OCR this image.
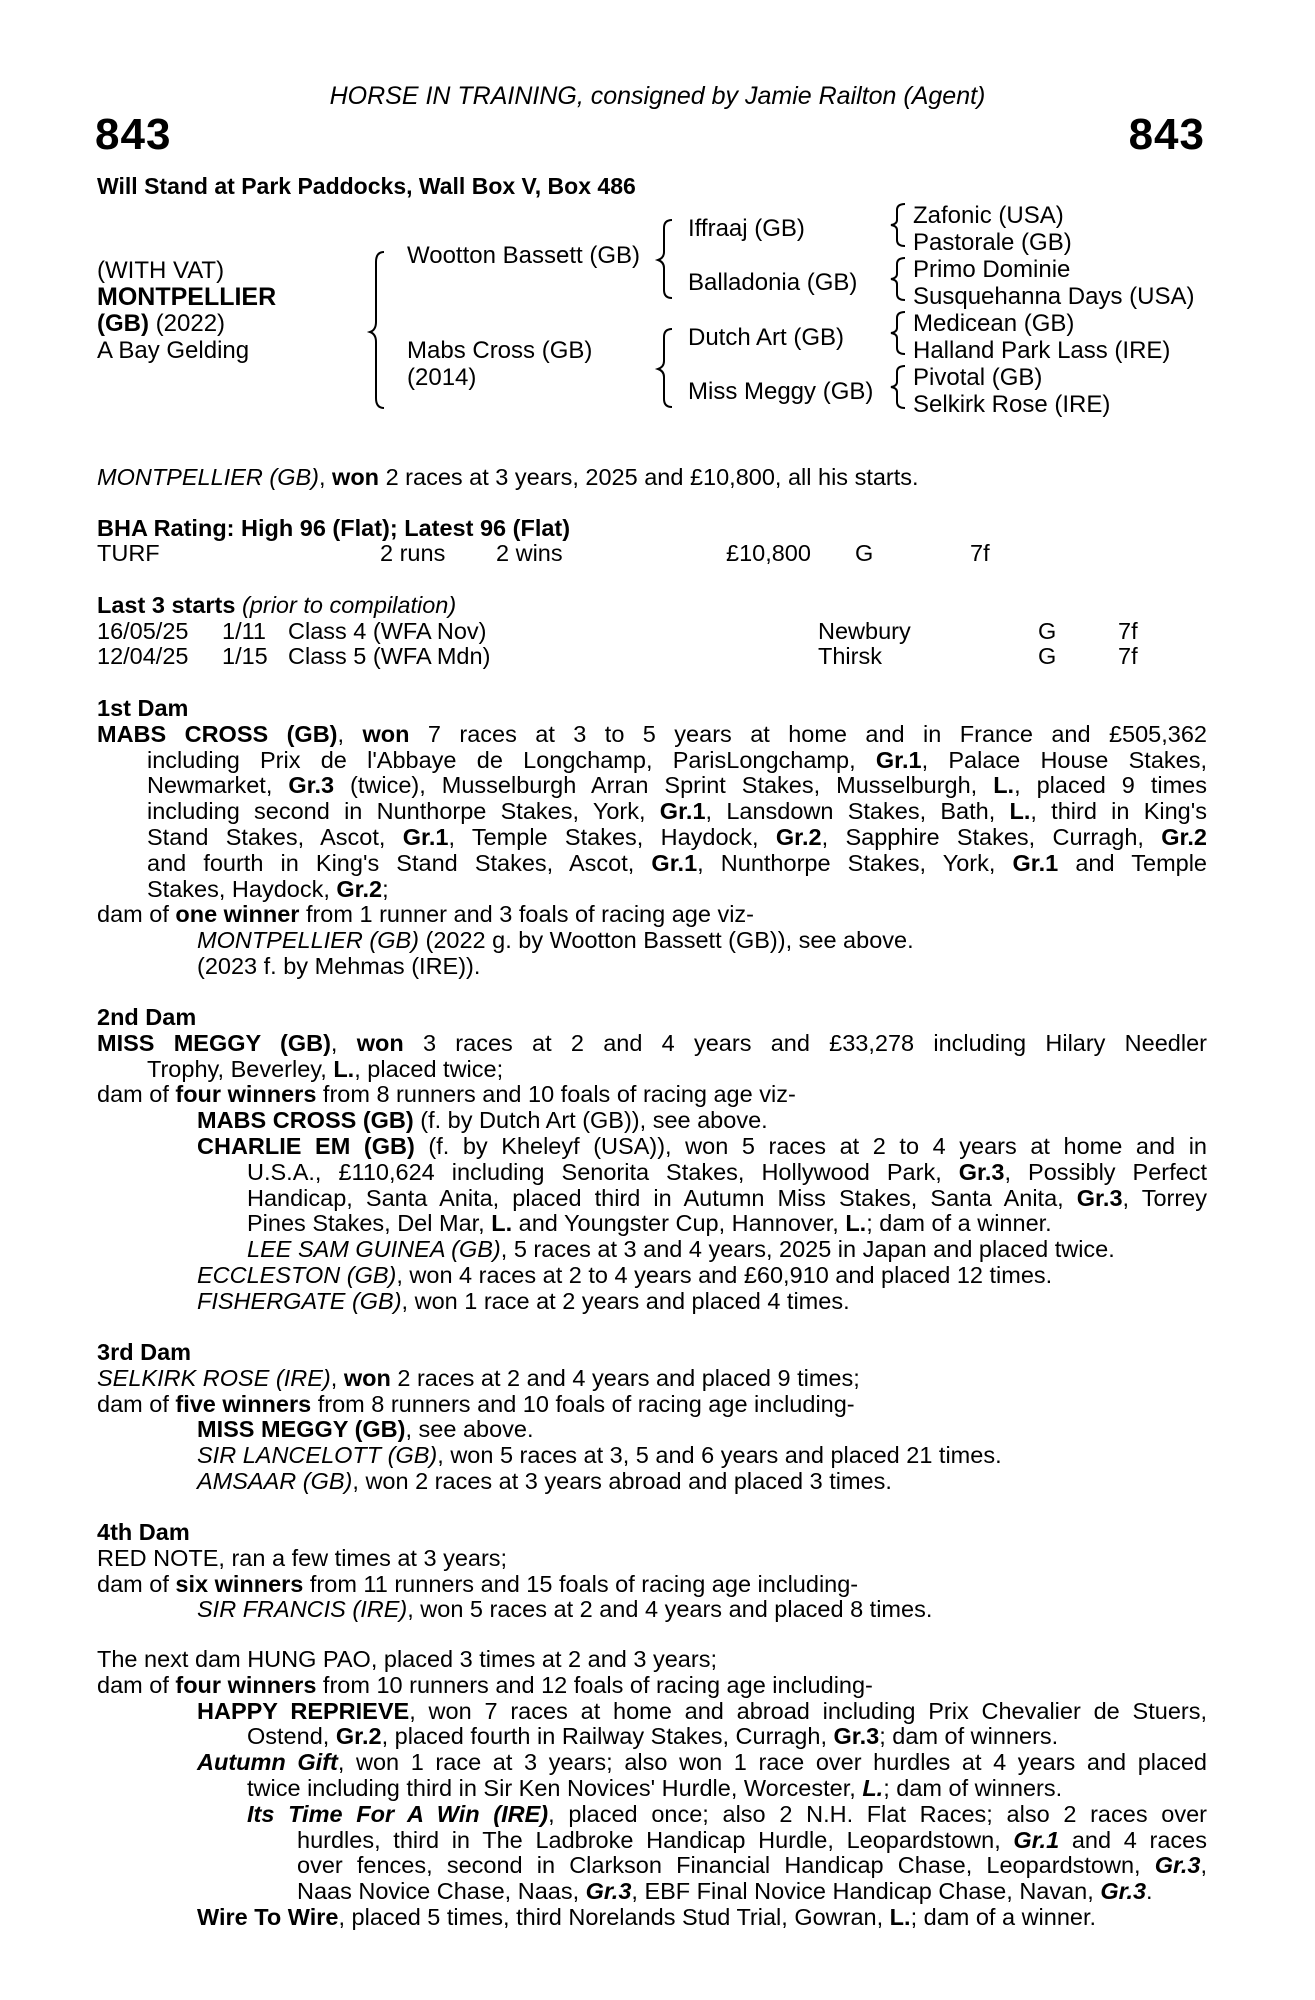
HORSE IN TRAINING, consigned by Jamie Railton (Agent)
843	843
Will Stand at Park Paddocks, Wall Box V, Box 486
(WITH VAT)
MONTPELLIER
(GB) (2022)
A Bay Gelding
Wootton Bassett (GB)
Mabs Cross (GB)
(2014)
Iffraaj (GB)
Balladonia (GB)
Dutch Art (GB)
Miss Meggy (GB)
Zafonic (USA)
Pastorale (GB)
Primo Dominie
Susquehanna Days (USA)
Medicean (GB)
Halland Park Lass (IRE)
Pivotal (GB)
Selkirk Rose (IRE)
MONTPELLIER (GB), won 2 races at 3 years, 2025 and £10,800, all his starts.
BHA Rating: High 96 (Flat); Latest 96 (Flat)
TURF	2 runs 2 wins	£10,800 G	7f
Last 3 starts (prior to compilation)
16/05/25 1/11 Class 4 (WFA Nov)	Newbury	G	7f
12/04/25 1/15 Class 5 (WFA Mdn)	Thirsk	G	7f
1st Dam
MABS CROSS (GB), won 7 races at 3 to 5 years at home and in France and £505,362
including Prix de l'Abbaye de Longchamp, ParisLongchamp, Gr.1, Palace House Stakes,
Newmarket, Gr.3 (twice), Musselburgh Arran Sprint Stakes, Musselburgh, L., placed 9 times
including second in Nunthorpe Stakes, York, Gr.1, Lansdown Stakes, Bath, L., third in King's
Stand Stakes, Ascot, Gr.1, Temple Stakes, Haydock, Gr.2, Sapphire Stakes, Curragh, Gr.2
and fourth in King's Stand Stakes, Ascot, Gr.1, Nunthorpe Stakes, York, Gr.1 and Temple
Stakes, Haydock, Gr.2;
dam of one winner from 1 runner and 3 foals of racing age viz-
MONTPELLIER (GB) (2022 g. by Wootton Bassett (GB)), see above.
(2023 f. by Mehmas (IRE)).
2nd Dam
MISS MEGGY (GB), won 3 races at 2 and 4 years and £33,278 including Hilary Needler
Trophy, Beverley, L., placed twice;
dam of four winners from 8 runners and 10 foals of racing age viz-
MABS CROSS (GB) (f. by Dutch Art (GB)), see above.
CHARLIE EM (GB) (f. by Kheleyf (USA)), won 5 races at 2 to 4 years at home and in
U.S.A., £110,624 including Senorita Stakes, Hollywood Park, Gr.3, Possibly Perfect
Handicap, Santa Anita, placed third in Autumn Miss Stakes, Santa Anita, Gr.3, Torrey
Pines Stakes, Del Mar, L. and Youngster Cup, Hannover, L.; dam of a winner.
LEE SAM GUINEA (GB), 5 races at 3 and 4 years, 2025 in Japan and placed twice.
ECCLESTON (GB), won 4 races at 2 to 4 years and £60,910 and placed 12 times.
FISHERGATE (GB), won 1 race at 2 years and placed 4 times.
3rd Dam
SELKIRK ROSE (IRE), won 2 races at 2 and 4 years and placed 9 times;
dam of five winners from 8 runners and 10 foals of racing age including-
MISS MEGGY (GB), see above.
SIR LANCELOTT (GB), won 5 races at 3, 5 and 6 years and placed 21 times.
AMSAAR (GB), won 2 races at 3 years abroad and placed 3 times.
4th Dam
RED NOTE, ran a few times at 3 years;
dam of six winners from 11 runners and 15 foals of racing age including-
SIR FRANCIS (IRE), won 5 races at 2 and 4 years and placed 8 times.
The next dam HUNG PAO, placed 3 times at 2 and 3 years;
dam of four winners from 10 runners and 12 foals of racing age including-
HAPPY REPRIEVE, won 7 races at home and abroad including Prix Chevalier de Stuers,
Ostend, Gr.2, placed fourth in Railway Stakes, Curragh, Gr.3; dam of winners.
Autumn Gift, won 1 race at 3 years; also won 1 race over hurdles at 4 years and placed
twice including third in Sir Ken Novices' Hurdle, Worcester, L.; dam of winners.
Its Time For A Win (IRE), placed once; also 2 N.H. Flat Races; also 2 races over
hurdles, third in The Ladbroke Handicap Hurdle, Leopardstown, Gr.1 and 4 races
over fences, second in Clarkson Financial Handicap Chase, Leopardstown, Gr.3,
Naas Novice Chase, Naas, Gr.3, EBF Final Novice Handicap Chase, Navan, Gr.3.
Wire To Wire, placed 5 times, third Norelands Stud Trial, Gowran, L.; dam of a winner.
